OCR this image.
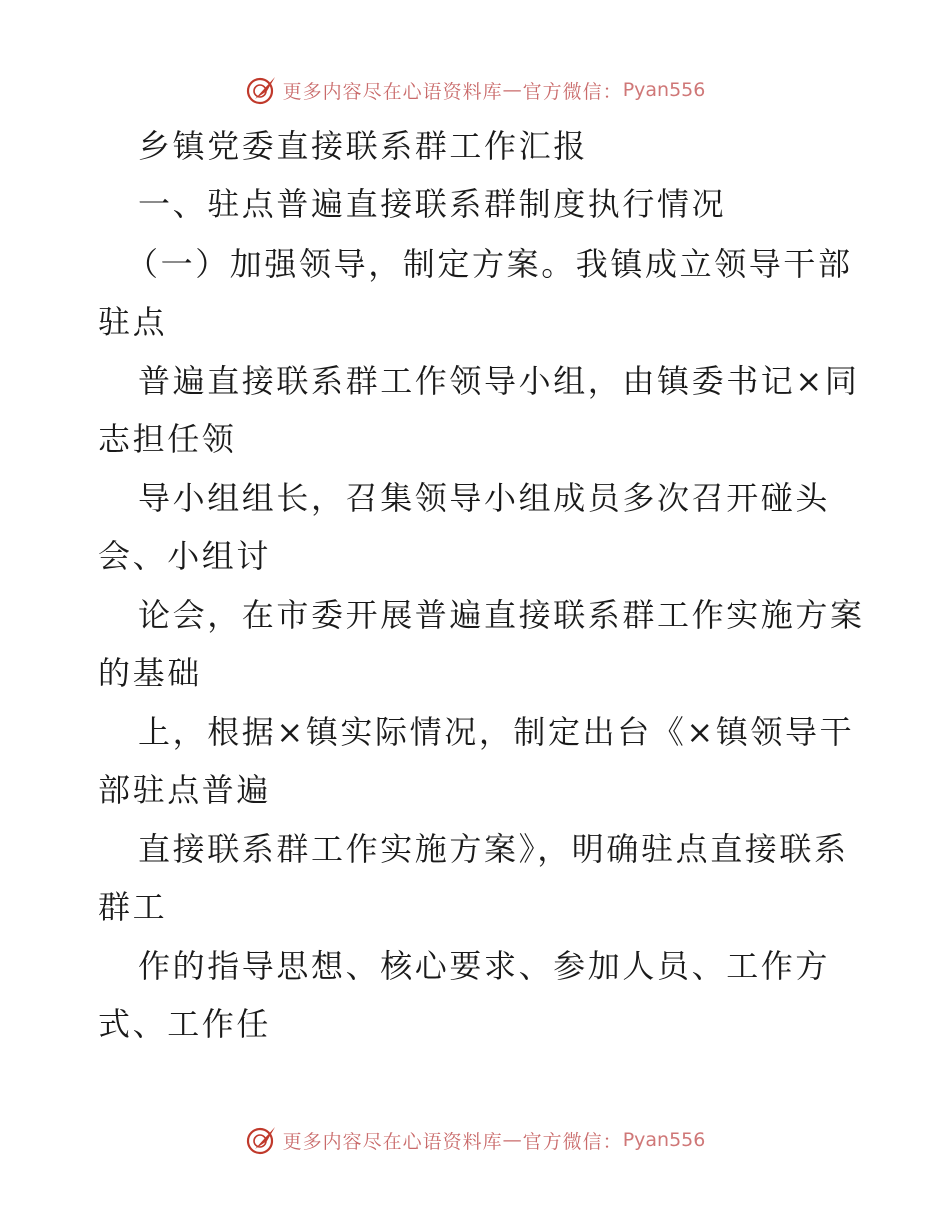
更多内容尽在心语资料库 — 官方微信： Pyan556
乡镇党委直接联系群工作汇报
一、驻点普遍直接联系群制度执行情况
（一）加强领导，制定方案。我镇成立领导干部
驻点
普遍直接联系群工作领导小组，由镇委书记×同
志担任领
导小组组长，召集领导小组成员多次召开碰头
会、小组讨
论会，在市委开展普遍直接联系群工作实施方案
的基础
上，根据×镇实际情况，制定出台《×镇领导干
部驻点普遍
直接联系群工作实施方案》，明确驻点直接联系
群工
作的指导思想、核心要求、参加人员、工作方
式、工作任
更多内容尽在心语资料库 — 官方微信： Pyan556
